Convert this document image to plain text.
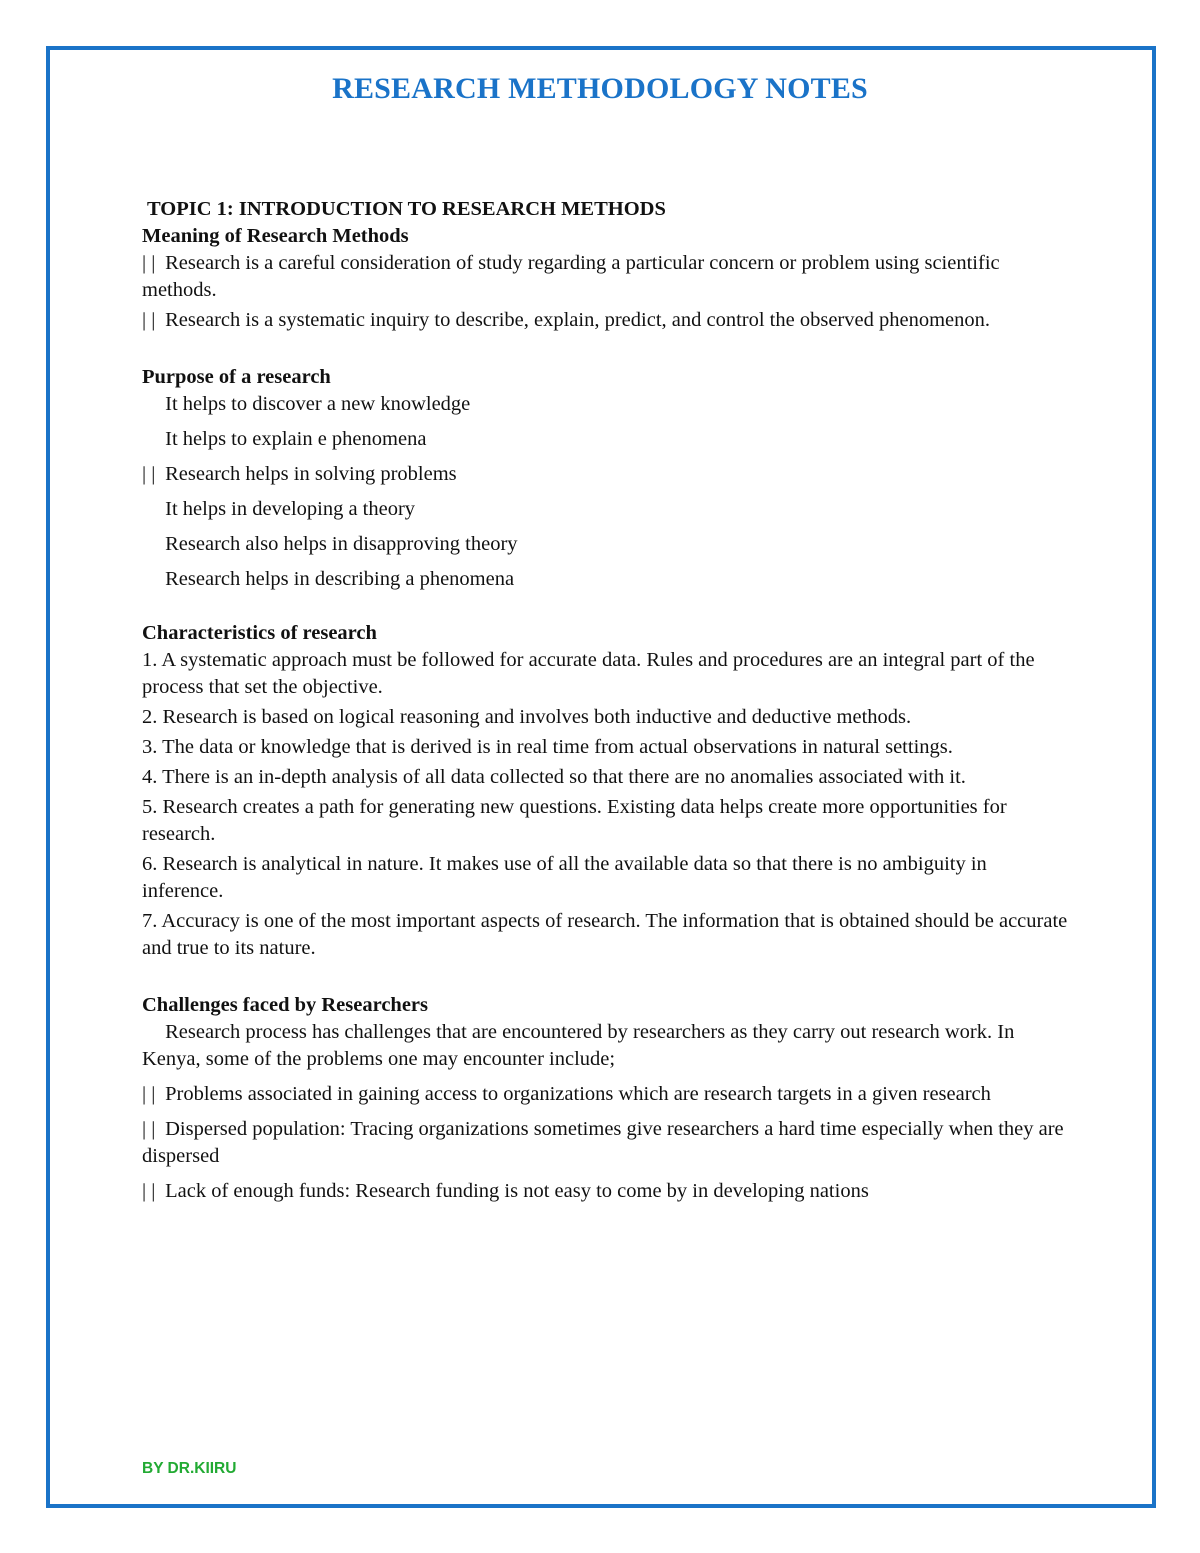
RESEARCH METHODOLOGY NOTES

TOPIC 1: INTRODUCTION TO RESEARCH METHODS

Meaning of Research Methods

| | Research is a careful consideration of study regarding a particular concern or problem using scientific methods.

| | Research is a systematic inquiry to describe, explain, predict, and control the observed phenomenon.

Purpose of a research

It helps to discover a new knowledge

It helps to explain e phenomena

| | Research helps in solving problems

It helps in developing a theory

Research also helps in disapproving theory

Research helps in describing a phenomena

Characteristics of research

1. A systematic approach must be followed for accurate data. Rules and procedures are an integral part of the process that set the objective.
2. Research is based on logical reasoning and involves both inductive and deductive methods.
3. The data or knowledge that is derived is in real time from actual observations in natural settings.
4. There is an in-depth analysis of all data collected so that there are no anomalies associated with it.
5. Research creates a path for generating new questions. Existing data helps create more opportunities for research.
6. Research is analytical in nature. It makes use of all the available data so that there is no ambiguity in inference.
7. Accuracy is one of the most important aspects of research. The information that is obtained should be accurate and true to its nature.

Challenges faced by Researchers

Research process has challenges that are encountered by researchers as they carry out research work. In Kenya, some of the problems one may encounter include;

| | Problems associated in gaining access to organizations which are research targets in a given research

| | Dispersed population: Tracing organizations sometimes give researchers a hard time especially when they are dispersed

| | Lack of enough funds: Research funding is not easy to come by in developing nations

BY DR.KIIRU
